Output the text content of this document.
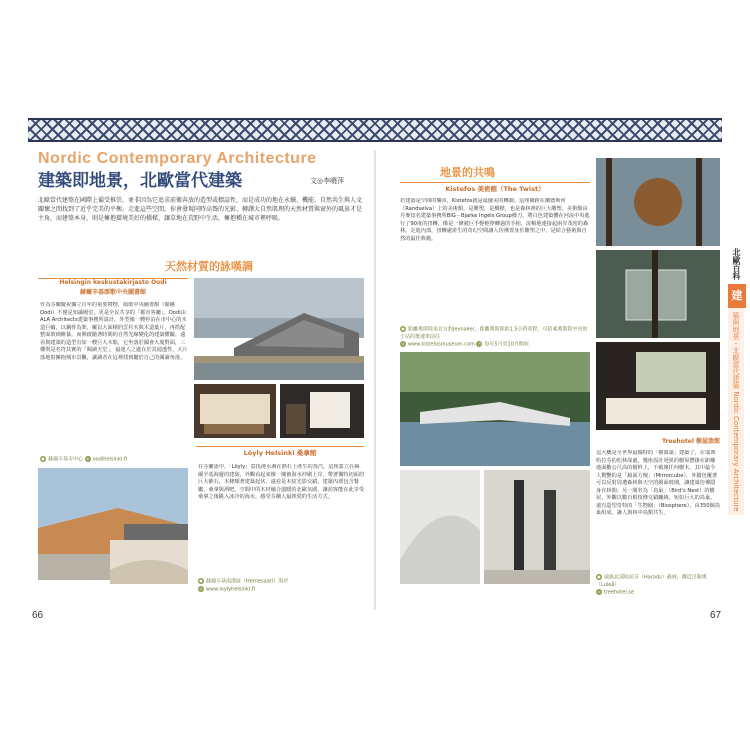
Nordic Contemporary Architecture
建築即地景，北歐當代建築	文◎李曉萍
北歐當代建築在國際上備受推崇，並非因為它追求前衛奔放的造型或標誌性，而是成功的地在永續、機能、自然共生與人文關懷之間找到了近乎完美的平衡。走進這些空間，你會發現同時高聳的光影、轉譯大自然肌理的天然材質與窗外的風景才是主角，而建築本身，則是擁抱環境美好的橋樑，讓草地在荒野中生活，擁抱種在城市裡呼吸。
天然材質的詠嘆調
Helsingin keskustakirjasto Oodi
赫爾辛基頌歌中央圖書館
作為芬蘭慶祝獨立百年的重要禮物，頌歌中央圖書館（簡稱Oodi）不僅是知識殿堂，更是全民共享的「都市客廳」。Oodi由ALA Architects建築事務所設計，外型像一艘停泊在市中心的木造巨輪，以鋼骨為架，覆以大面積的雲杉木與木造葉片，再搭配整面玻璃帷幕，而開啟隨著時間的自然光線變化的建築體驗。遠看與建築的造型有如一艘巨大木船，它坐落於國會大廈對面，三樓則是名符其實的「閱讀天堂」，最迷人之處在於其通透性，大片落地窗擁抱城市景觀，讓讀者在這裡找到屬於自己的閱讀角落。
● 赫爾辛基市中心 ◎ oodihelsinki.fi
Löyly Helsinki 桑拿館
在芬蘭語中，「Löyly」意指澆水淋在熱石上產生的蒸汽，這座蓋立在赫爾辛基海邊的建築，外觀看起來像一塊被海水沖刷上岸，帶著獨特切面的巨大礁石，木條順著建築起伏，遠看是木紋光影交錯。建築內部包含餐廳、桑拿與酒吧，空間中的木材融合溫暖的北歐氛圍，讓訪客能在此享受桑拿之後跳入冰冷的海水，感受芬蘭人最熱愛的生活方式。
● 赫爾辛基南港區（Hernesaari）海岸
◎ www.loylyhelsinki.fi
66
地景的共鳴
Kistefos 美術館（The Twist）
若建築是空間的樂章，Kistefos就是最優美的轉調。這座橫跨在蘭德斯河（Randselva）上的美術館，是雕塑，是橋樑，也是森林裡的巨大雕塑。美術館由丹麥知名建築事務所BIG－Bjarke Ingels Group操刀，將白色建築體在河流中央進行了90度的扭轉，像是一條被巨手輕輕擰轉過的手帕，流暢地連接起兩岸茂密的森林。走進內部，扭轉處產生的奇幻空間讓人彷彿置身於雕塑之中，是結合藝術與自然的最佳典範。
● 距離奧斯陸車北方約Jevnaker，距離奧斯陸約1.5小時車程，可搭乘奧斯陸中央的士站的奧速車前往
◎ www.kistefosmuseum.com ◷ 每年5月至10月開放
Treehotel 樹屋旅館
這大概是全世界最獨特的「樹蕩築」建築了，在瑞典哈拉芬的松林深處，幾座設計迥異的樹屋懸掛在距離地面數公尺高的樹幹上，不破壞任何樹木。其中最令人驚艷的是「鏡面方塊」（Mirrorcube），外牆包覆著可以反射周遭森林與天空的鏡面玻璃，讓建築彷彿隱身在林間；另一間名為「鳥巢」（Bird's Nest）的樹屋，外觀以數百根枝條交錯纏繞，宛如巨大的鳥巢。還有造型奇特的「生物圈」（Biosphere），由350個鳥巢組成，讓人與林中鳥類共生。
● 瑞典北部哈拉芬（Harads）森林，鄰近呂勒奧（Luleå）
◎ treehotel.se
67
北歐百科
建
築與地景・北歐當代建築 Nordic Contemporary Architecture
